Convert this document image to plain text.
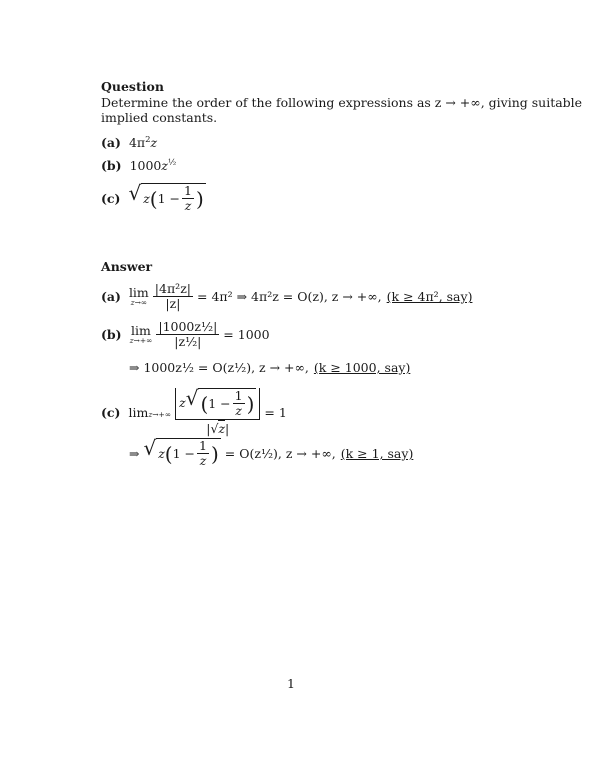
Question
Determine the order of the following expressions as z → +∞, giving suitable
implied constants.
(a) $4\pi^2z$
(b) $1000z^{\frac{1}{2}}$
(c) √ z ( $1 - \frac{1}{z}$ )
Answer
(a) lim
$z\to\infty \frac{\text{|4π²z|}}{|z|} = 4\pi^2$ ⇒ 4π²z = O(z), z → +∞, (k ≥ 4π², say)
(b) lim
$z\to+\infty \frac{\text{|1000z½|}}{\text{|z½|}} = 1000$
⇒ 1000z½ = O(z½), z → +∞, (k ≥ 1000, say)
(c) $\lim z\to+\infty \frac{z √ ( 1 - \frac{1}{z} )}{|√z|} = 1$
⇒ √ z ( $1 - \frac{1}{z}$ ) = O(z½), z → +∞, (k ≥ 1, say)
1
